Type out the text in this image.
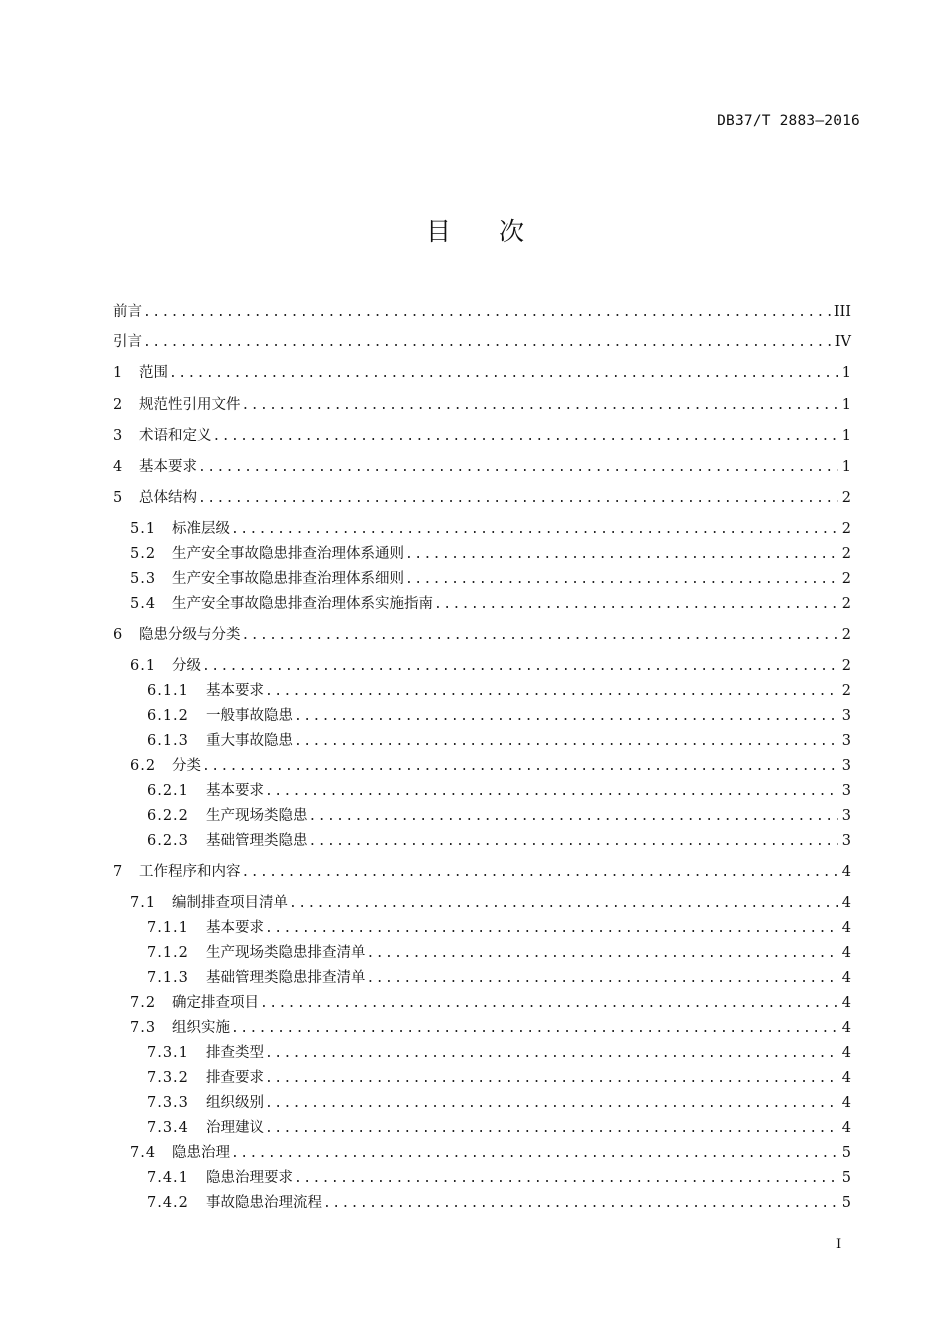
DB37/T 2883—2016
目 次
前言 .....	III
引言 .....	IV
1	范围 .....	1
2	规范性引用文件 .....	1
3	术语和定义 .....	1
4	基本要求 .....	1
5	总体结构 .....	2
5.1	标准层级 .....	2
5.2	生产安全事故隐患排查治理体系通则 .....	2
5.3	生产安全事故隐患排查治理体系细则 .....	2
5.4	生产安全事故隐患排查治理体系实施指南 .....	2
6	隐患分级与分类 .....	2
6.1	分级 .....	2
6.1.1	基本要求 .....	2
6.1.2	一般事故隐患 .....	3
6.1.3	重大事故隐患 .....	3
6.2	分类 .....	3
6.2.1	基本要求 .....	3
6.2.2	生产现场类隐患 .....	3
6.2.3	基础管理类隐患 .....	3
7	工作程序和内容 .....	4
7.1	编制排查项目清单 .....	4
7.1.1	基本要求 .....	4
7.1.2	生产现场类隐患排查清单 .....	4
7.1.3	基础管理类隐患排查清单 .....	4
7.2	确定排查项目 .....	4
7.3	组织实施 .....	4
7.3.1	排查类型 .....	4
7.3.2	排查要求 .....	4
7.3.3	组织级别 .....	4
7.3.4	治理建议 .....	4
7.4	隐患治理 .....	5
7.4.1	隐患治理要求 .....	5
7.4.2	事故隐患治理流程 .....	5
I
